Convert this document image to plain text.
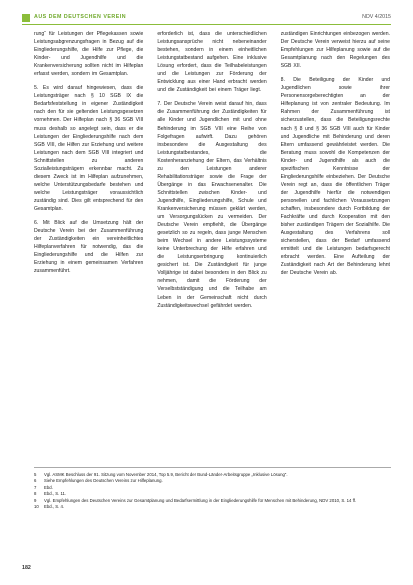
AUS DEM DEUTSCHEN VEREIN	NDV 4/2015

rung“ für Leistungen der Pflegekassen sowie Leistungsabgrenzungsfragen in Bezug auf die Eingliederungshilfe, die Hilfe zur Pflege, die Kinder- und Jugendhilfe und die Krankenversicherung sollten nicht im Hilfeplan erfasst werden, sondern im Gesamtplan.

5. Es wird darauf hingewiesen, dass die Leistungsträger nach § 10 SGB IX die Bedarfsfeststellung in eigener Zuständigkeit nach den für sie geltenden Leistungsgesetzen vornehmen. Der Hilfeplan nach § 36 SGB VIII muss deshalb so angelegt sein, dass er die Leistungen der Eingliederungshilfe nach dem SGB VIII, die Hilfen zur Erziehung und weitere Leistungen nach dem SGB VIII integriert und Schnittstellen zu anderen Sozialleistungsträgern erkennbar macht. Zu diesem Zweck ist im Hilfeplan aufzunehmen, welche Unterstützungsbedarfe bestehen und welche Leistungsträger voraussichtlich zuständig sind. Dies gilt entsprechend für den Gesamtplan.

6. Mit Blick auf die Umsetzung hält der Deutsche Verein bei der Zusammenführung der Zuständigkeiten ein vereinheitlichtes Hilfeplanverfahren für notwendig, das die Eingliederungshilfe und die Hilfen zur Erziehung in einem gemeinsamen Verfahren zusammenführt.

erforderlich ist, dass die unterschiedlichen Leistungsansprüche nicht nebeneinander bestehen, sondern in einem einheitlichen Leistungstatbestand aufgehen. Eine inklusive Lösung erfordert, dass die Teilhabeleistungen und die Leistungen zur Förderung der Entwicklung aus einer Hand erbracht werden und die Zuständigkeit bei einem Träger liegt.

7. Der Deutsche Verein weist darauf hin, dass die Zusammenführung der Zuständigkeiten für alle Kinder und Jugendlichen mit und ohne Behinderung im SGB VIII eine Reihe von Folgefragen aufwirft. Dazu gehören insbesondere die Ausgestaltung des Leistungstatbestandes, die Kostenheranziehung der Eltern, das Verhältnis zu den Leistungen anderer Rehabilitationsträger sowie die Frage der Übergänge in das Erwachsenenalter. Die Schnittstellen zwischen Kinder- und Jugendhilfe, Eingliederungshilfe, Schule und Krankenversicherung müssen geklärt werden, um Versorgungslücken zu vermeiden. Der Deutsche Verein empfiehlt, die Übergänge gesetzlich so zu regeln, dass junge Menschen beim Wechsel in andere Leistungssysteme keine Unterbrechung der Hilfe erfahren und die Leistungserbringung kontinuierlich gesichert ist. Die Zuständigkeit für junge Volljährige ist dabei besonders in den Blick zu nehmen, damit die Förderung der Verselbstständigung und die Teilhabe am Leben in der Gemeinschaft nicht durch Zuständigkeitswechsel gefährdet werden.

zuständigen Einrichtungen einbezogen werden. Der Deutsche Verein verweist hierzu auf seine Empfehlungen zur Hilfeplanung sowie auf die Gesamtplanung nach den Regelungen des SGB XII.

8. Die Beteiligung der Kinder und Jugendlichen sowie ihrer Personensorgeberechtigten an der Hilfeplanung ist von zentraler Bedeutung. Im Rahmen der Zusammenführung ist sicherzustellen, dass die Beteiligungsrechte nach § 8 und § 36 SGB VIII auch für Kinder und Jugendliche mit Behinderung und deren Eltern umfassend gewährleistet werden. Die Beratung muss sowohl die Kompetenzen der Kinder- und Jugendhilfe als auch die spezifischen Kenntnisse der Eingliederungshilfe einbeziehen. Der Deutsche Verein regt an, dass die öffentlichen Träger der Jugendhilfe hierfür die notwendigen personellen und fachlichen Voraussetzungen schaffen, insbesondere durch Fortbildung der Fachkräfte und durch Kooperation mit den bisher zuständigen Trägern der Sozialhilfe. Die Ausgestaltung des Verfahrens soll sicherstellen, dass der Bedarf umfassend ermittelt und die Leistungen bedarfsgerecht erbracht werden. Eine Aufteilung der Zuständigkeit nach Art der Behinderung lehnt der Deutsche Verein ab.

5	Vgl. ASMK Beschluss der 91. Sitzung vom November 2014, Top 5.9, Bericht der Bund-Länder-Arbeitsgruppe „Inklusive Lösung“.
6	Siehe Empfehlungen des Deutschen Vereins zur Hilfeplanung.
7	Ebd.
8	Ebd., S. 11.
9	Vgl. Empfehlungen des Deutschen Vereins zur Gesamtplanung und Bedarfsermittlung in der Eingliederungshilfe für Menschen mit Behinderung, NDV 2010, S. 14 ff.
10	Ebd., S. 4.
182
